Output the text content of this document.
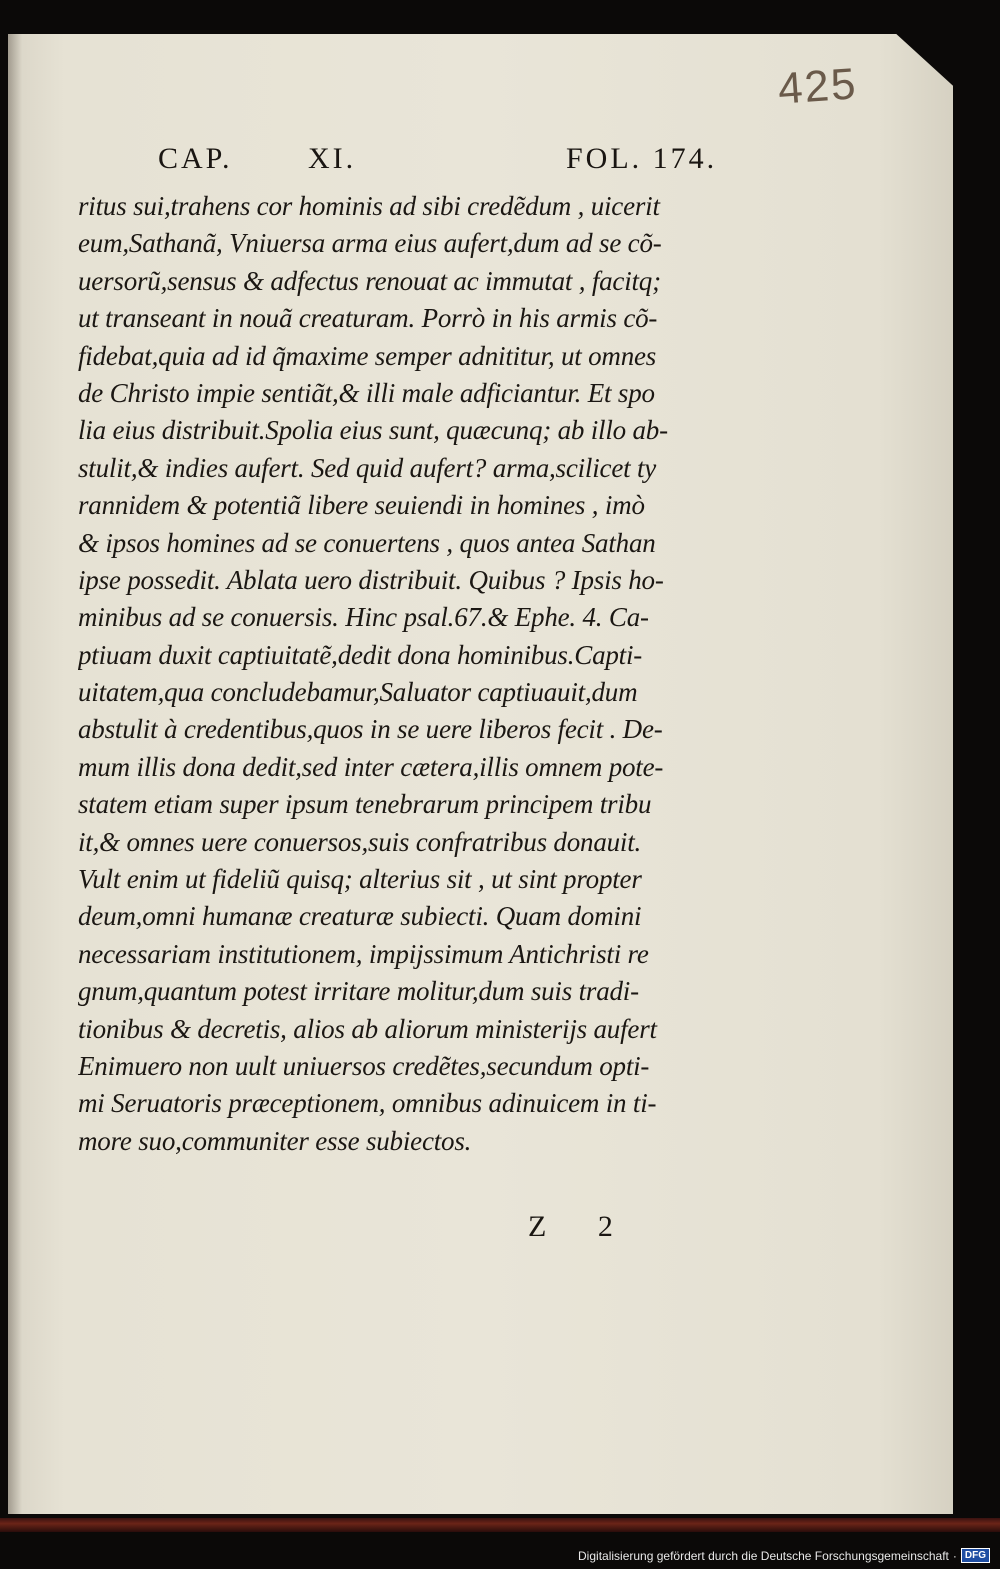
425
CAP.	XI.	FOL. 174.
ritus sui,trahens cor hominis ad sibi credẽdum , uicerit
eum,Sathanã, Vniuersa arma eius aufert,dum ad se cõ-
uersorũ,sensus & adfectus renouat ac immutat , facitq;
ut transeant in nouã creaturam. Porrò in his armis cõ-
fidebat,quia ad id q̃maxime semper adnititur, ut omnes
de Christo impie sentiãt,& illi male adficiantur. Et spo
lia eius distribuit.Spolia eius sunt, quæcunq; ab illo ab-
stulit,& indies aufert. Sed quid aufert? arma,scilicet ty
rannidem & potentiã libere seuiendi in homines , imò
& ipsos homines ad se conuertens , quos antea Sathan
ipse possedit. Ablata uero distribuit. Quibus ? Ipsis ho-
minibus ad se conuersis. Hinc psal.67.& Ephe. 4. Ca-
ptiuam duxit captiuitatẽ,dedit dona hominibus.Capti-
uitatem,qua concludebamur,Saluator captiuauit,dum
abstulit à credentibus,quos in se uere liberos fecit . De-
mum illis dona dedit,sed inter cætera,illis omnem pote-
statem etiam super ipsum tenebrarum principem tribu
it,& omnes uere conuersos,suis confratribus donauit.
Vult enim ut fideliũ quisq; alterius sit , ut sint propter
deum,omni humanæ creaturæ subiecti. Quam domini
necessariam institutionem, impijssimum Antichristi re
gnum,quantum potest irritare molitur,dum suis tradi-
tionibus & decretis, alios ab aliorum ministerijs aufert
Enimuero non uult uniuersos credẽtes,secundum opti-
mi Seruatoris præceptionem, omnibus adinuicem in ti-
more suo,communiter esse subiectos.
Z 2
Digitalisierung gefördert durch die Deutsche Forschungsgemeinschaft · DFG
